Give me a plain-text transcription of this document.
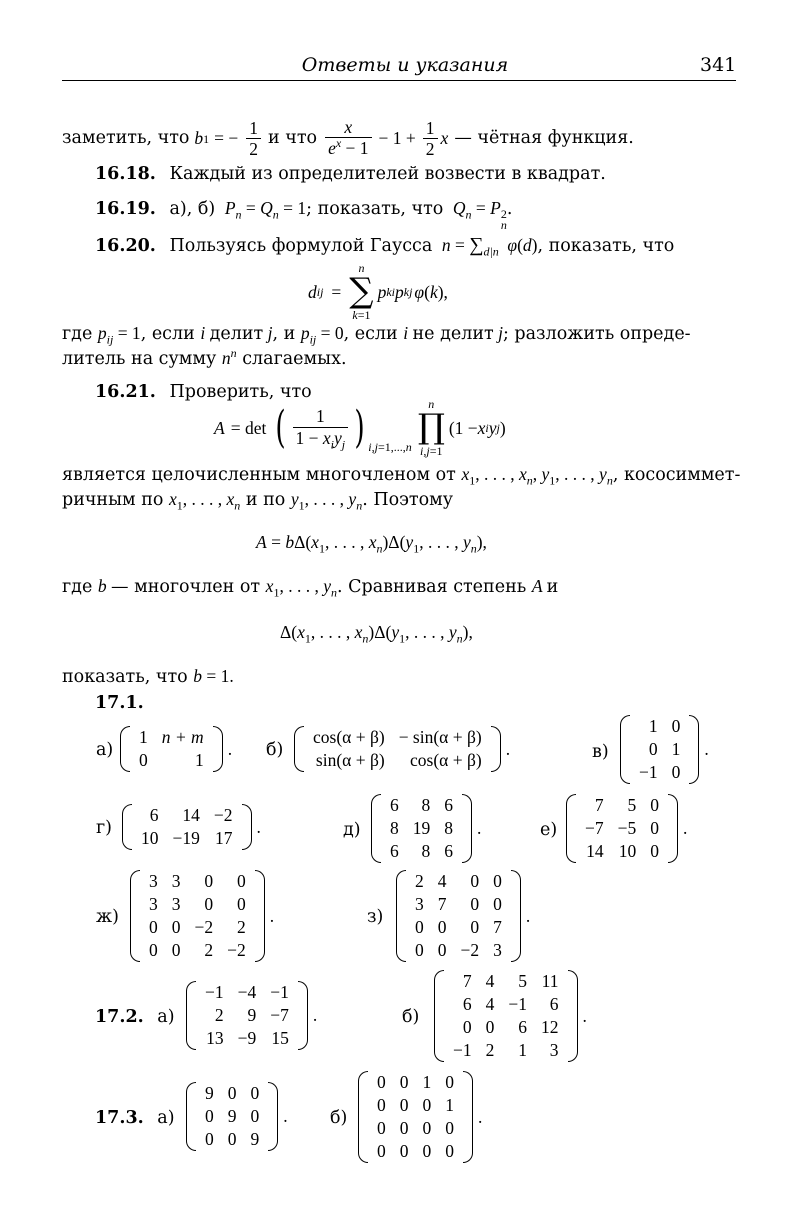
Ответы и указания	341
заметить, что b 1 = − $\frac{1}{2}$ и что $\frac{x}{e^x - 1} - 1 + \frac{1}{2}$ x — чётная функция.
16.18. Каждый из определителей возвести в квадрат.
16.19. а), б) $P_n = Q_n = 1$; показать, что $Q_n = P$ 2
n
.
16.20. Пользуясь формулой Гаусса $n = \sum_{d|n}$ φ(d), показать, что
d ij =
n
∑
k=1
p ki p kj φ ( k ),
где $p_{ij} = 1$, если i делит j, и $p_{ij} = 0$, если i не делит j; разложить опреде-
литель на сумму $n^n$ слагаемых.
16.21. Проверить, что
A = det ( $\frac{1}{1 - x_iy_j}$ ) i,j=1,...,n
n
∏
i,j=1
(1 − x i y j )
является целочисленным многочленом от $x_1$, . . . , $x_n$, $y_1$, . . . , $y_n$, кососиммет-
ричным по $x_1$, . . . , $x_n$ и по $y_1$, . . . , $y_n$. Поэтому
$A = b\Delta(x_1$, . . . , $x_n)\Delta(y_1$, . . . , $y_n$),
где b — многочлен от $x_1$, . . . , $y_n$. Сравнивая степень A и
$\Delta(x_1$, . . . , $x_n)\Delta(y_1$, . . . , $y_n$),
показать, что b = 1.
17.1.
а)
1	n + m
0	1
. б)
cos(α + β)	− sin(α + β)
sin(α + β)	cos(α + β)
.	в)
1	0
0	1
−1	0
.
г)
6	14	−2
10	−19	17
.	д)
6	8	6
8	19	8
6	8	6
.	е)
7	5	0
−7	−5	0
14	10	0
.
ж)
3	3	0	0
3	3	0	0
0	0	−2	2
0	0	2	−2
.	з)
2	4	0	0
3	7	0	0
0	0	0	7
0	0	−2	3
.
17.2. а)
−1	−4	−1
2	9	−7
13	−9	15
.	б)
7	4	5	11
6	4	−1	6
0	0	6	12
−1	2	1	3
.
17.3. а)
9	0	0
0	9	0
0	0	9
. б)
0	0	1	0
0	0	0	1
0	0	0	0
0	0	0	0
.
